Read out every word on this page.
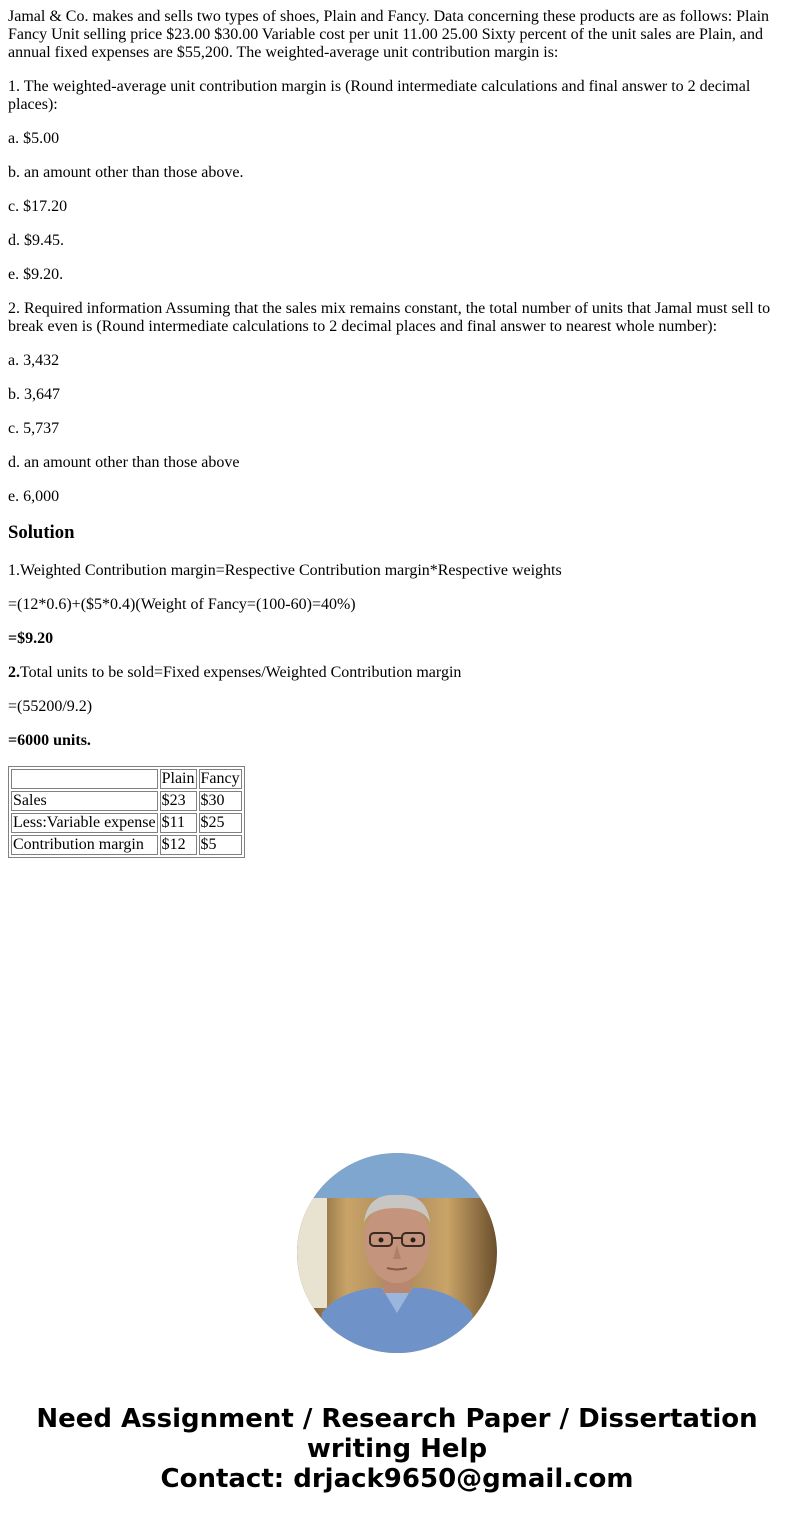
Jamal & Co. makes and sells two types of shoes, Plain and Fancy. Data concerning these products are as follows: Plain Fancy Unit selling price $23.00 $30.00 Variable cost per unit 11.00 25.00 Sixty percent of the unit sales are Plain, and annual fixed expenses are $55,200. The weighted-average unit contribution margin is:

1. The weighted-average unit contribution margin is (Round intermediate calculations and final answer to 2 decimal places):

a. $5.00

b. an amount other than those above.

c. $17.20

d. $9.45.

e. $9.20.

2. Required information Assuming that the sales mix remains constant, the total number of units that Jamal must sell to break even is (Round intermediate calculations to 2 decimal places and final answer to nearest whole number):

a. 3,432

b. 3,647

c. 5,737

d. an amount other than those above

e. 6,000

Solution

1.Weighted Contribution margin=Respective Contribution margin*Respective weights

=(12*0.6)+($5*0.4)(Weight of Fancy=(100-60)=40%)

=$9.20

2.Total units to be sold=Fixed expenses/Weighted Contribution margin

=(55200/9.2)

=6000 units.

	Plain	Fancy
Sales	$23	$30
Less:Variable expense	$11	$25
Contribution margin	$12	$5
Need Assignment / Research Paper / Dissertation
writing Help
Contact: drjack9650@gmail.com
